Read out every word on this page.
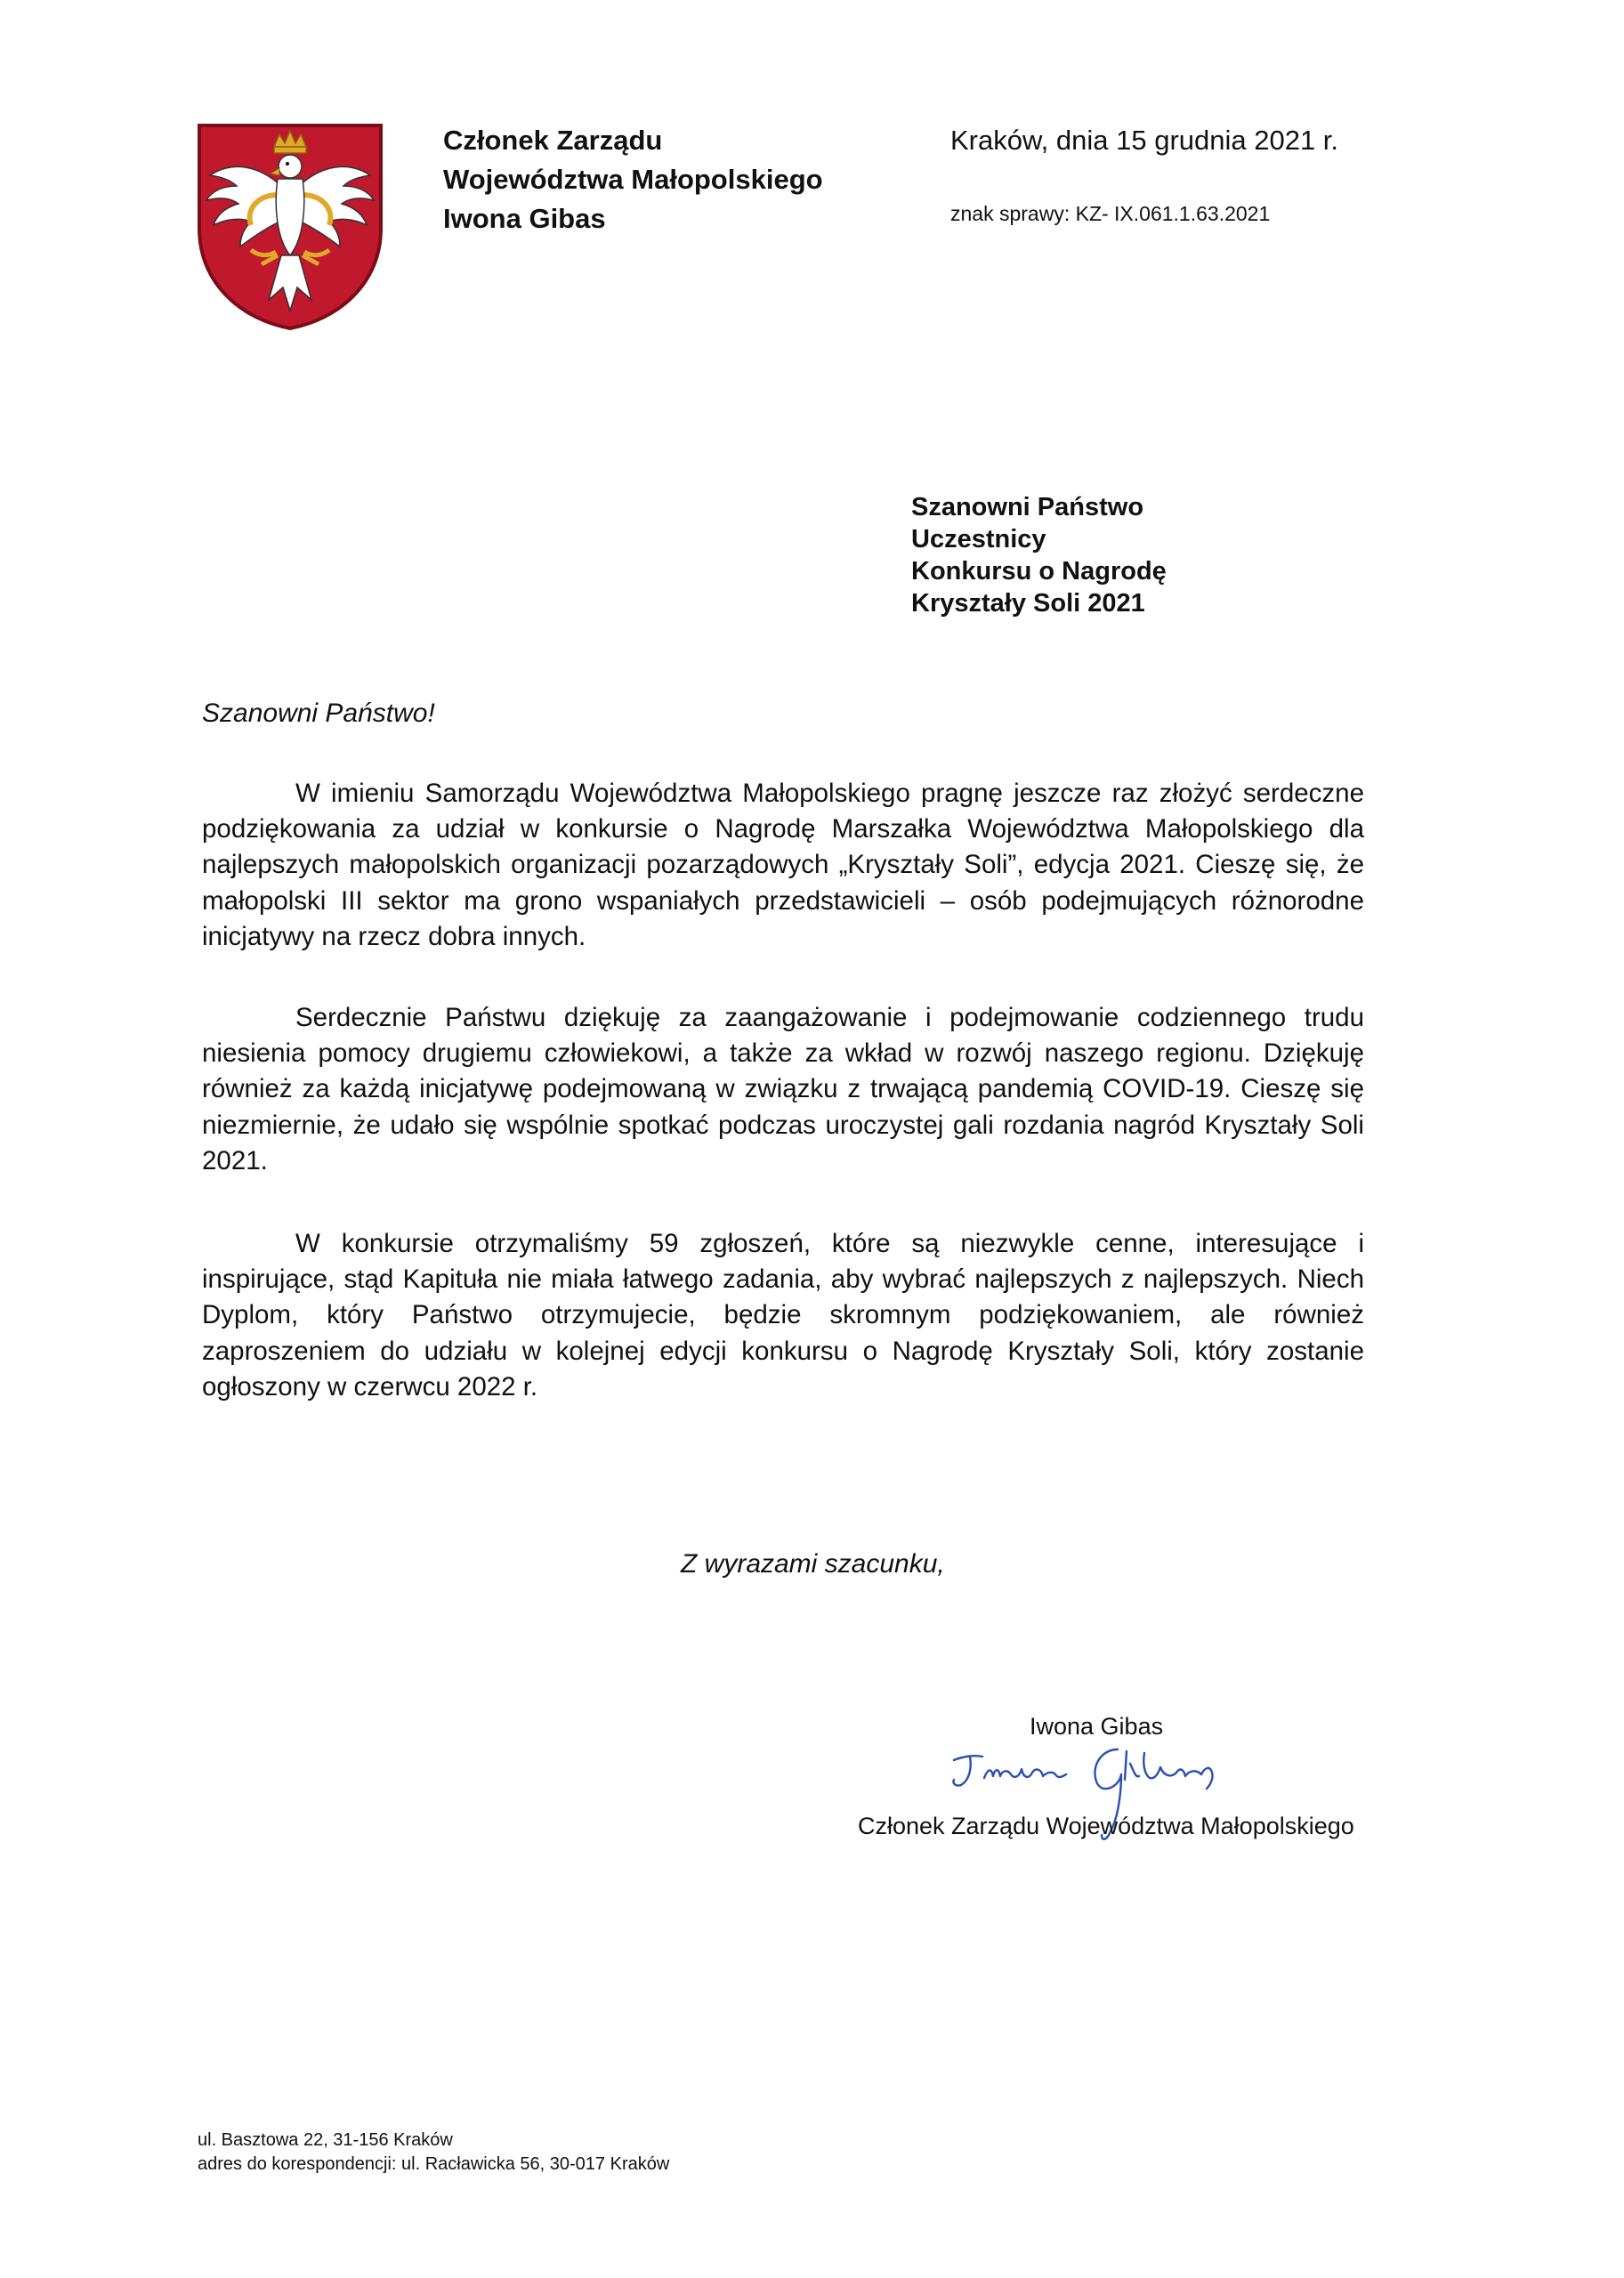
Członek Zarządu
Województwa Małopolskiego
Iwona Gibas
Kraków, dnia 15 grudnia 2021 r.
znak sprawy: KZ- IX.061.1.63.2021
Szanowni Państwo
Uczestnicy
Konkursu o Nagrodę
Kryształy Soli 2021
Szanowni Państwo!

W imieniu Samorządu Województwa Małopolskiego pragnę jeszcze raz złożyć serdeczne podziękowania za udział w konkursie o Nagrodę Marszałka Województwa Małopolskiego dla najlepszych małopolskich organizacji pozarządowych „Kryształy Soli”, edycja 2021. Cieszę się, że małopolski III sektor ma grono wspaniałych przedstawicieli – osób podejmujących różnorodne inicjatywy na rzecz dobra innych.

Serdecznie Państwu dziękuję za zaangażowanie i podejmowanie codziennego trudu niesienia pomocy drugiemu człowiekowi, a także za wkład w rozwój naszego regionu. Dziękuję również za każdą inicjatywę podejmowaną w związku z trwającą pandemią COVID-19. Cieszę się niezmiernie, że udało się wspólnie spotkać podczas uroczystej gali rozdania nagród Kryształy Soli 2021.

W konkursie otrzymaliśmy 59 zgłoszeń, które są niezwykle cenne, interesujące i inspirujące, stąd Kapituła nie miała łatwego zadania, aby wybrać najlepszych z najlepszych. Niech Dyplom, który Państwo otrzymujecie, będzie skromnym podziękowaniem, ale również zaproszeniem do udziału w kolejnej edycji konkursu o Nagrodę Kryształy Soli, który zostanie ogłoszony w czerwcu 2022 r.

Z wyrazami szacunku,
Iwona Gibas
Członek Zarządu Województwa Małopolskiego
ul. Basztowa 22, 31-156 Kraków
adres do korespondencji: ul. Racławicka 56, 30-017 Kraków
